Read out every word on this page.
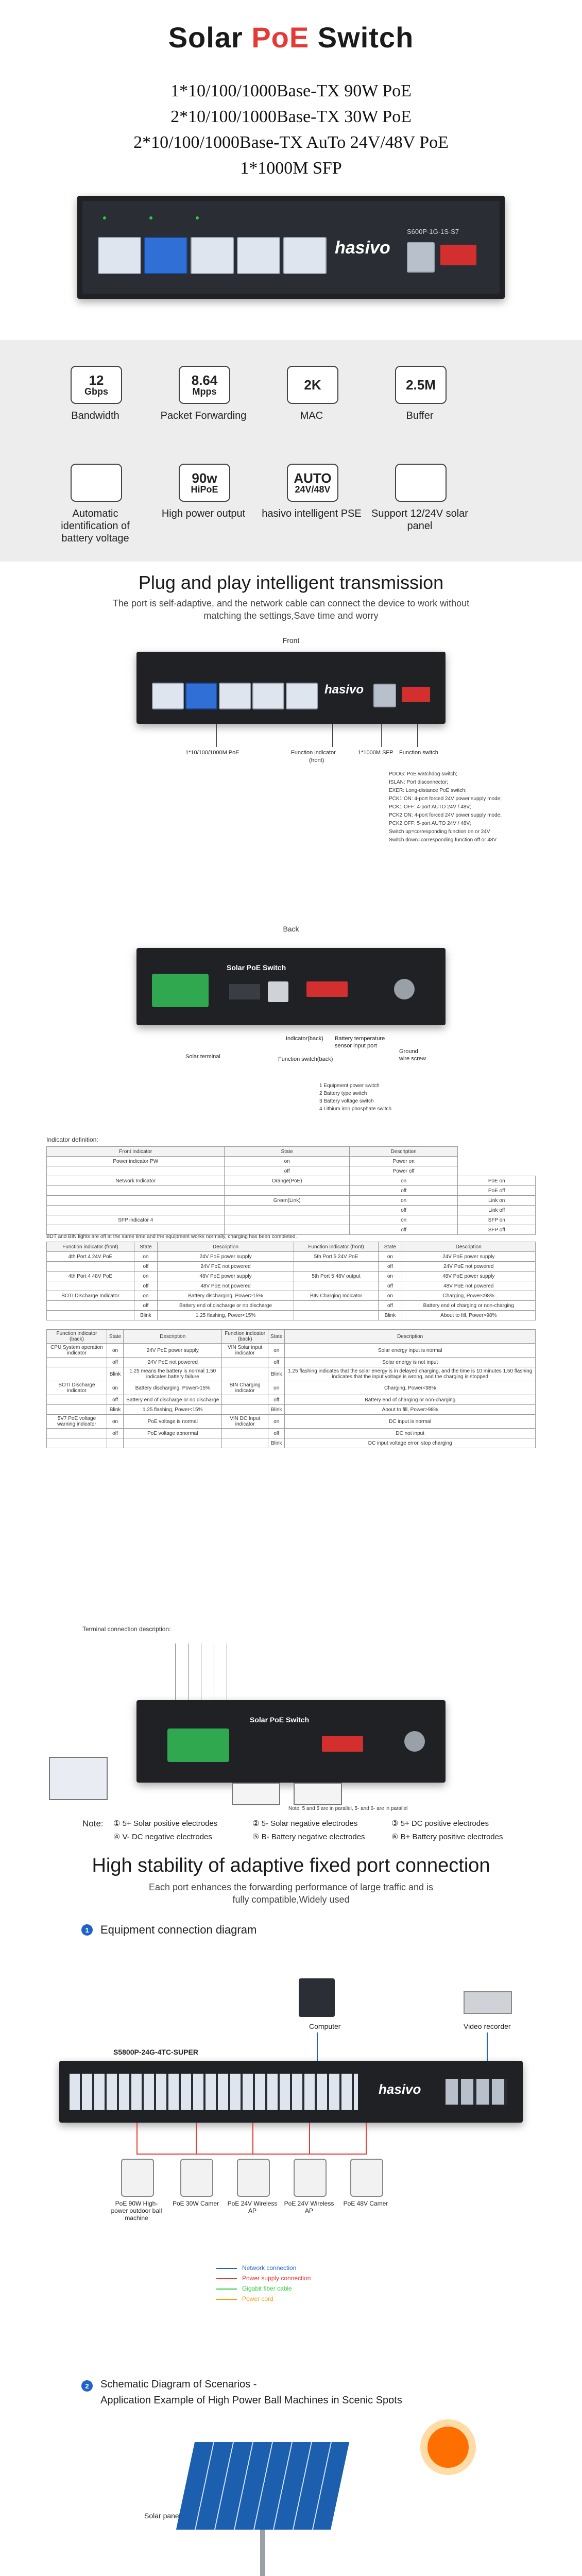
Solar PoE Switch
1*10/100/1000Base-TX 90W PoE
2*10/100/1000Base-TX 30W PoE
2*10/100/1000Base-TX AuTo 24V/48V PoE
1*1000M SFP
hasivo
S600P-1G-1S-S7
12
Gbps
Bandwidth
8.64
Mpps
Packet Forwarding
2K
MAC
2.5M
Buffer
Automatic identification of battery voltage
90w
HiPoE
High power output
AUTO
24V/48V
hasivo intelligent PSE Support 12/24V solar panel
Plug and play intelligent transmission
The port is self-adaptive, and the network cable can connect the device to work without
matching the settings,Save time and worry
Front
hasivo
1*10/100/1000M PoE	Function indicator
(front)
1*1000M SFP Function switch
PDOG: PoE watchdog switch;
ISLAN: Port disconnector;
EXER: Long-distance PoE switch;
PCK1 ON: 4-port forced 24V power supply mode;
PCK1 OFF: 4-port AUTO 24V / 48V;
PCK2 ON: 4-port forced 24V power supply mode;
PCK2 OFF: 5-port AUTO 24V / 48V;
Switch up=corresponding function on or 24V
Switch down=corresponding function off or 48V
Back
Solar PoE Switch
Solar terminal
Indicator(back) Battery temperature
sensor input port
Function switch(back)
Ground
wire screw
1 Equipment power switch
2 Battery type switch
3 Battery voltage switch
4 Lithium iron phosphate switch
Indicator definition:
Front indicator	State	Description	
Power indicator PW	on	Power on	
	off	Power off	
Network Indicator	Orange(PoE)	on	PoE on
		off	PoE off
	Green(Link)	on	Link on
		off	Link off
SFP indicator 4		on	SFP on
		off	SFP off
BDT and BIN lights are off at the same time and the equipment works normally, charging has been completed.
Function indicator (front)	State	Description	Function indicator (front)	State	Description
4th Port 4 24V PoE	on	24V PoE power supply	5th Port 5 24V PoE	on	24V PoE power supply
	off	24V PoE not powered		off	24V PoE not powered
4th Port 4 48V PoE	on	48V PoE power supply	5th Port 5 48V output	on	48V PoE power supply
	off	48V PoE not powered		off	48V PoE not powered
BOTI Discharge Indicator	on	Battery discharging, Power>15%	BIN Charging Indicator	on	Charging, Power<98%
	off	Battery end of discharge or no discharge		off	Battery end of charging or non-charging
	Blink	1.25 flashing, Power<15%		Blink	About to fill, Power>98%
Function indicator (back)	State	Description	Function indicator (back)	State	Description
CPU System operation indicator	on	24V PoE power supply	VIN Solar input indicator	on	Solar energy input is normal
	off	24V PoE not powered		off	Solar energy is not input
	Blink	1.25 means the battery is normal 1.50 indicates battery failure		Blink	1.25 flashing indicates that the solar energy is in delayed charging, and the time is 10 minutes 1.50 flashing indicates that the input voltage is wrong, and the charging is stopped
BOTI Discharge indicator	on	Battery discharging, Power>15%	BIN Charging indicator	on	Charging, Power<98%
	off	Battery end of discharge or no discharge		off	Battery end of charging or non-charging
	Blink	1.25 flashing, Power<15%		Blink	About to fill, Power>98%
5V7 PoE voltage warning indicator	on	PoE voltage is normal	VIN DC Input indicator	on	DC input is normal
	off	PoE voltage abnormal		off	DC not input
				Blink	DC input voltage error, stop charging
Terminal connection description:
Solar PoE Switch
Note: 5 and 5 are in parallel, 5- and 6- are in parallel
Note: ① 5+ Solar positive electrodes	② 5- Solar negative electrodes	③ 5+ DC positive electrodes
④ V- DC negative electrodes	⑤ B- Battery negative electrodes	⑥ B+ Battery positive electrodes
High stability of adaptive fixed port connection
Each port enhances the forwarding performance of large traffic and is
fully compatible,Widely used
1	Equipment connection diagram
Computer	Video recorder
S5800P-24G-4TC-SUPER
hasivo
PoE 90W High-power outdoor ball machine
PoE 30W Camer	PoE 24V Wireless AP
PoE 24V Wireless AP
PoE 48V Camer
Network connection
Power supply connection
Gigabit fiber cable
Power cord
2	Schematic Diagram of Scenarios -
Application Example of High Power Ball Machines in Scenic Spots
Solar panel
